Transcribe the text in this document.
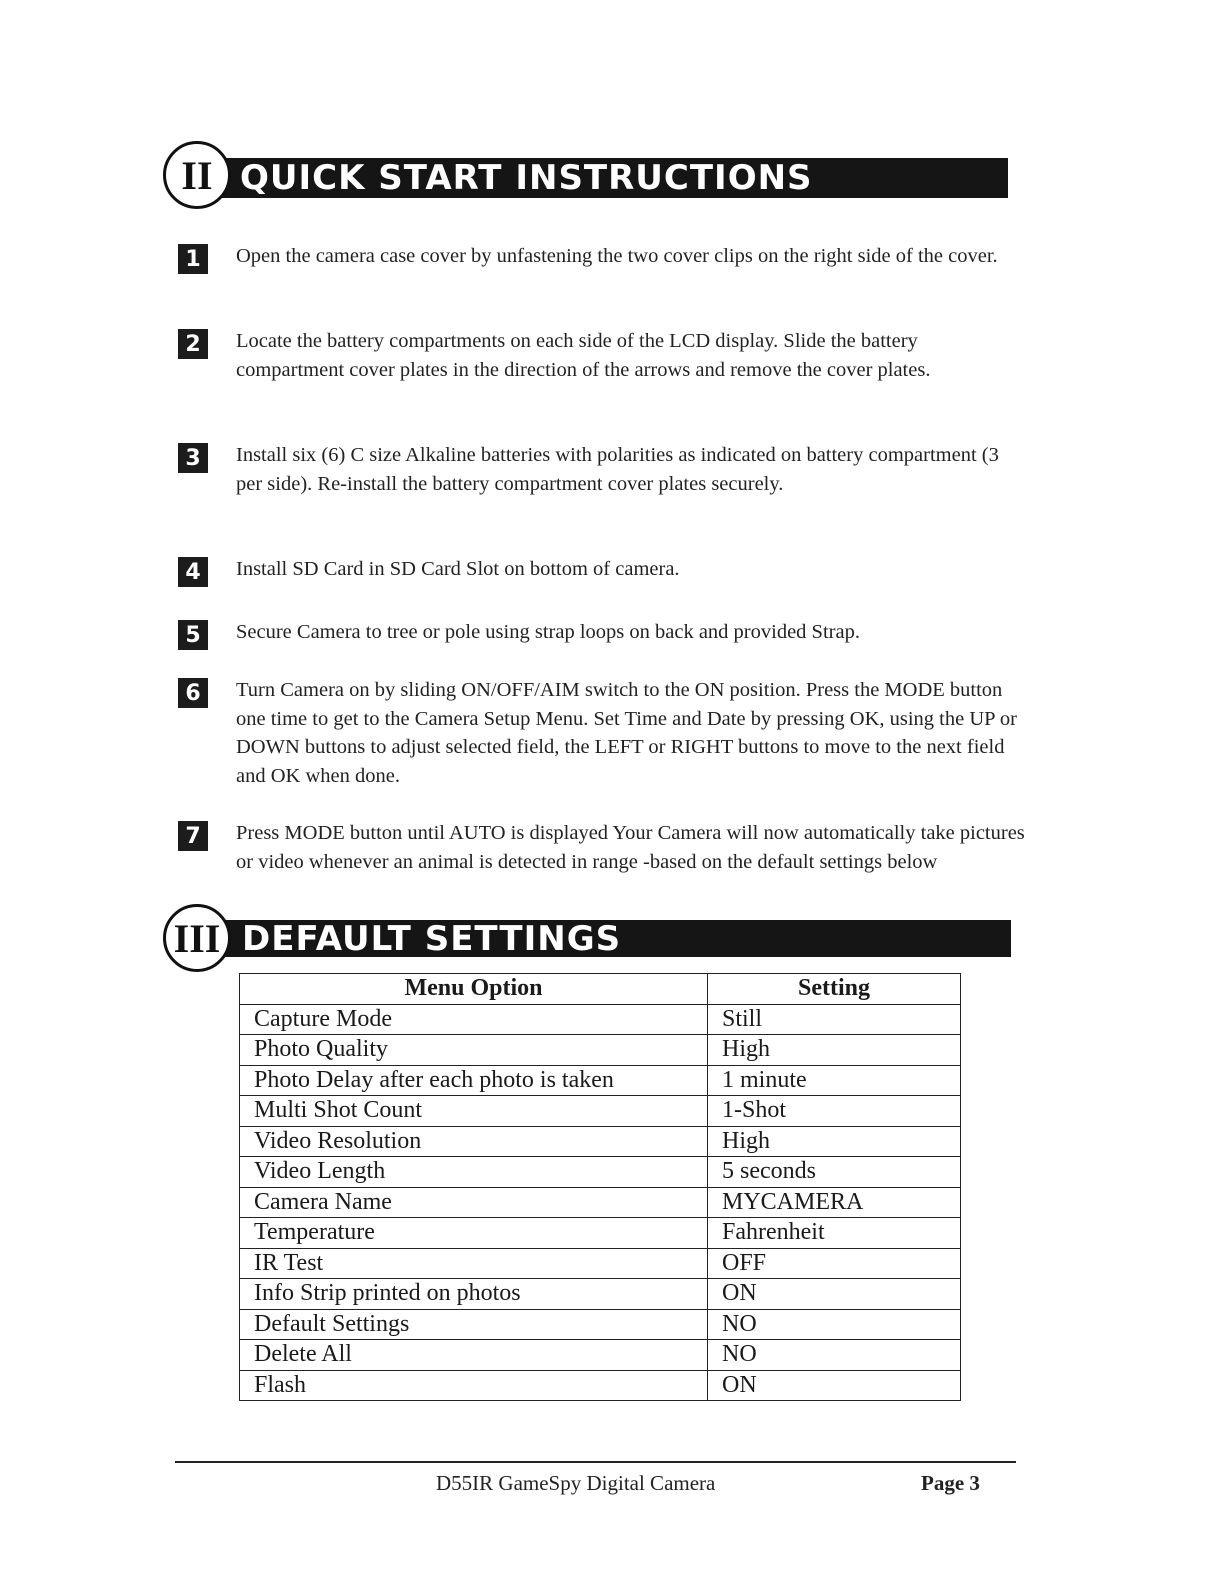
QUICK START INSTRUCTIONS
II
1	Open the camera case cover by unfastening the two cover clips on the right side of the cover.
2	Locate the battery compartments on each side of the LCD display. Slide the battery compartment cover plates in the direction of the arrows and remove the cover plates.
3	Install six (6) C size Alkaline batteries with polarities as indicated on battery compartment (3 per side). Re-install the battery compartment cover plates securely.
4	Install SD Card in SD Card Slot on bottom of camera.
5	Secure Camera to tree or pole using strap loops on back and provided Strap.
6	Turn Camera on by sliding ON/OFF/AIM switch to the ON position. Press the MODE button one time to get to the Camera Setup Menu. Set Time and Date by pressing OK, using the UP or DOWN buttons to adjust selected field, the LEFT or RIGHT buttons to move to the next field and OK when done.
7	Press MODE button until AUTO is displayed Your Camera will now automatically take pictures or video whenever an animal is detected in range -based on the default settings below
DEFAULT SETTINGS
III
Menu Option	Setting
Capture Mode	Still
Photo Quality	High
Photo Delay after each photo is taken	1 minute
Multi Shot Count	1-Shot
Video Resolution	High
Video Length	5 seconds
Camera Name	MYCAMERA
Temperature	Fahrenheit
IR Test	OFF
Info Strip printed on photos	ON
Default Settings	NO
Delete All	NO
Flash	ON
D55IR GameSpy Digital Camera	Page 3
